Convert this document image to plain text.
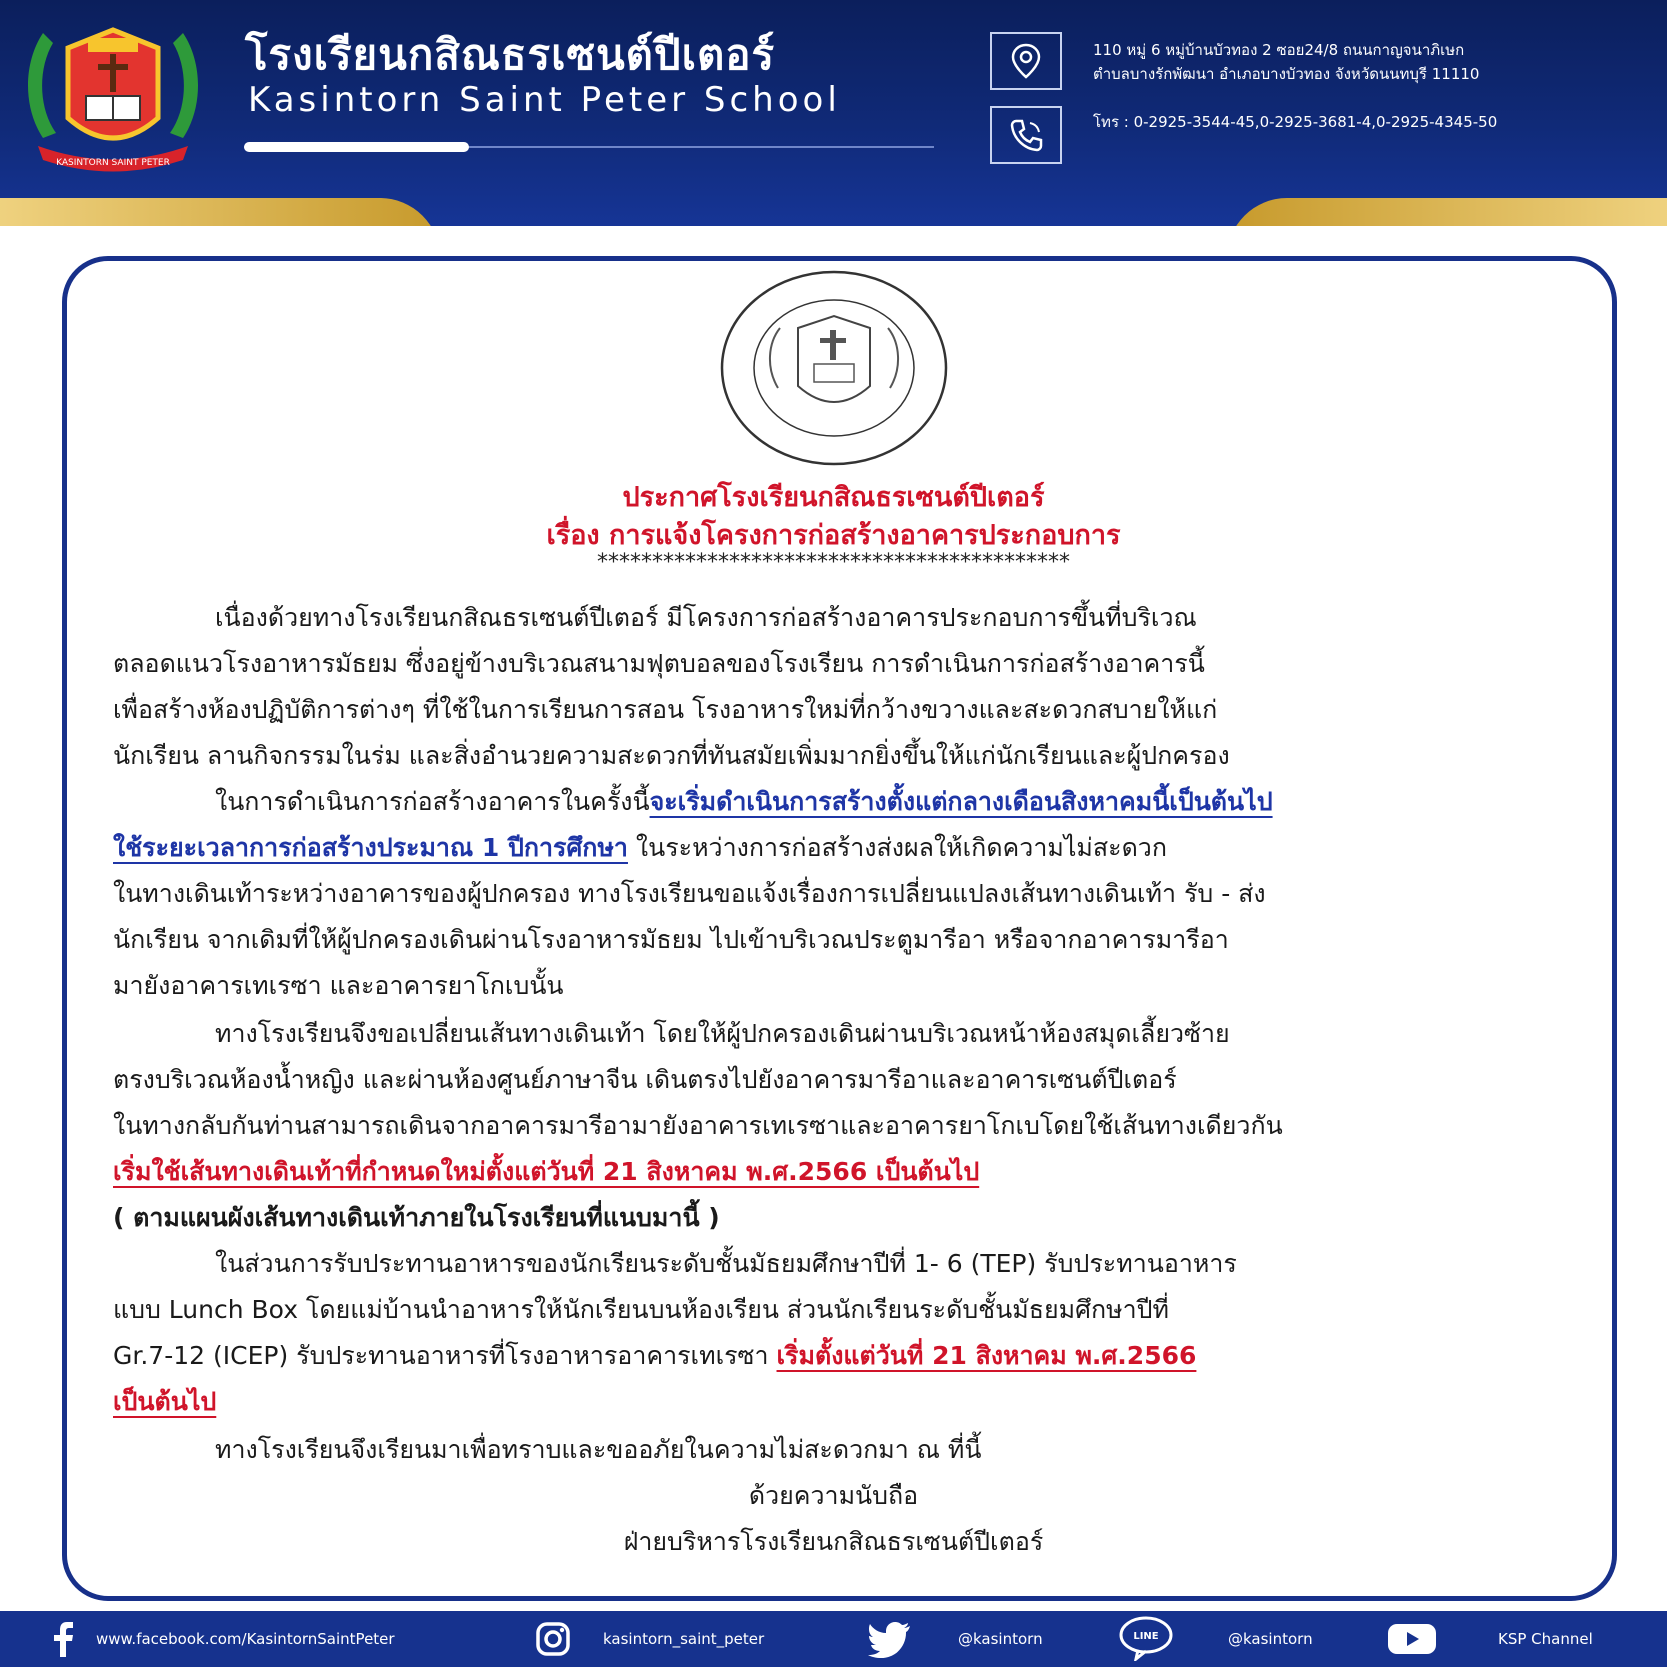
KASINTORN SAINT PETER
โรงเรียนกสิณธรเซนต์ปีเตอร์
Kasintorn Saint Peter School
110 หมู่ 6 หมู่บ้านบัวทอง 2 ซอย24/8 ถนนกาญจนาภิเษก
ตำบลบางรักพัฒนา อำเภอบางบัวทอง จังหวัดนนทบุรี 11110
โทร : 0-2925-3544-45,0-2925-3681-4,0-2925-4345-50
ประกาศโรงเรียนกสิณธรเซนต์ปีเตอร์
เรื่อง การแจ้งโครงการก่อสร้างอาคารประกอบการ
*******************************************
เนื่องด้วยทางโรงเรียนกสิณธรเซนต์ปีเตอร์ มีโครงการก่อสร้างอาคารประกอบการขึ้นที่บริเวณ
ตลอดแนวโรงอาหารมัธยม ซึ่งอยู่ข้างบริเวณสนามฟุตบอลของโรงเรียน การดำเนินการก่อสร้างอาคารนี้
เพื่อสร้างห้องปฏิบัติการต่างๆ ที่ใช้ในการเรียนการสอน โรงอาหารใหม่ที่กว้างขวางและสะดวกสบายให้แก่
นักเรียน ลานกิจกรรมในร่ม และสิ่งอำนวยความสะดวกที่ทันสมัยเพิ่มมากยิ่งขึ้นให้แก่นักเรียนและผู้ปกครอง
ในการดำเนินการก่อสร้างอาคารในครั้งนี้จะเริ่มดำเนินการสร้างตั้งแต่กลางเดือนสิงหาคมนี้เป็นต้นไป
ใช้ระยะเวลาการก่อสร้างประมาณ 1 ปีการศึกษา ในระหว่างการก่อสร้างส่งผลให้เกิดความไม่สะดวก
ในทางเดินเท้าระหว่างอาคารของผู้ปกครอง ทางโรงเรียนขอแจ้งเรื่องการเปลี่ยนแปลงเส้นทางเดินเท้า รับ - ส่ง
นักเรียน จากเดิมที่ให้ผู้ปกครองเดินผ่านโรงอาหารมัธยม ไปเข้าบริเวณประตูมารีอา หรือจากอาคารมารีอา
มายังอาคารเทเรซา และอาคารยาโกเบนั้น
ทางโรงเรียนจึงขอเปลี่ยนเส้นทางเดินเท้า โดยให้ผู้ปกครองเดินผ่านบริเวณหน้าห้องสมุดเลี้ยวซ้าย
ตรงบริเวณห้องน้ำหญิง และผ่านห้องศูนย์ภาษาจีน เดินตรงไปยังอาคารมารีอาและอาคารเซนต์ปีเตอร์
ในทางกลับกันท่านสามารถเดินจากอาคารมารีอามายังอาคารเทเรซาและอาคารยาโกเบโดยใช้เส้นทางเดียวกัน
เริ่มใช้เส้นทางเดินเท้าที่กำหนดใหม่ตั้งแต่วันที่ 21 สิงหาคม พ.ศ.2566 เป็นต้นไป
( ตามแผนผังเส้นทางเดินเท้าภายในโรงเรียนที่แนบมานี้ )
ในส่วนการรับประทานอาหารของนักเรียนระดับชั้นมัธยมศึกษาปีที่ 1- 6 (TEP) รับประทานอาหาร
แบบ Lunch Box โดยแม่บ้านนำอาหารให้นักเรียนบนห้องเรียน ส่วนนักเรียนระดับชั้นมัธยมศึกษาปีที่
Gr.7-12 (ICEP) รับประทานอาหารที่โรงอาหารอาคารเทเรซา เริ่มตั้งแต่วันที่ 21 สิงหาคม พ.ศ.2566
เป็นต้นไป
ทางโรงเรียนจึงเรียนมาเพื่อทราบและขออภัยในความไม่สะดวกมา ณ ที่นี้
ด้วยความนับถือ
ฝ่ายบริหารโรงเรียนกสิณธรเซนต์ปีเตอร์
www.facebook.com/KasintornSaintPeter	kasintorn_saint_peter	@kasintorn	LINE	@kasintorn	KSP Channel
